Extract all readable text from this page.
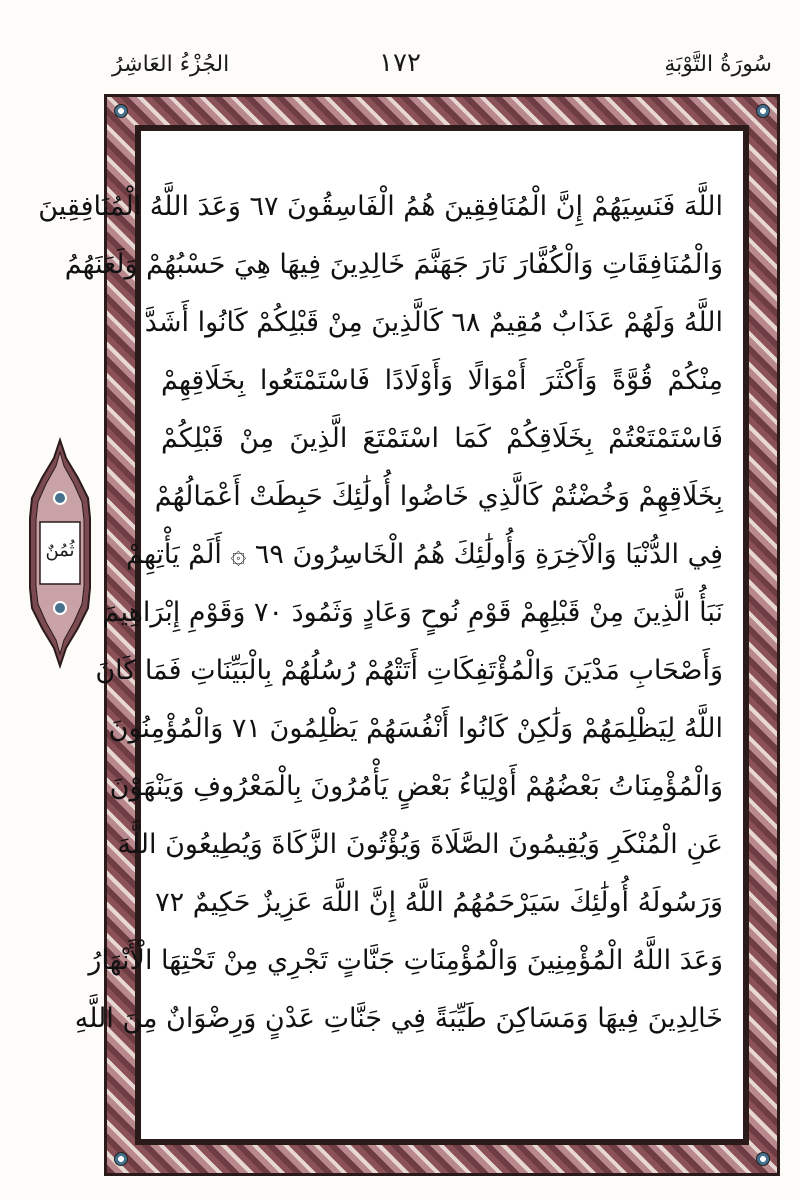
سُورَةُ التَّوْبَةِ
١٧٢
الجُزْءُ العَاشِرُ
ثُمُنٌ
اللَّهَ فَنَسِيَهُمْ إِنَّ الْمُنَافِقِينَ هُمُ الْفَاسِقُونَ ٦٧ وَعَدَ اللَّهُ الْمُنَافِقِينَ
وَالْمُنَافِقَاتِ وَالْكُفَّارَ نَارَ جَهَنَّمَ خَالِدِينَ فِيهَا هِيَ حَسْبُهُمْ وَلَعَنَهُمُ
اللَّهُ وَلَهُمْ عَذَابٌ مُقِيمٌ ٦٨ كَالَّذِينَ مِنْ قَبْلِكُمْ كَانُوا أَشَدَّ
مِنْكُمْ قُوَّةً وَأَكْثَرَ أَمْوَالًا وَأَوْلَادًا فَاسْتَمْتَعُوا بِخَلَاقِهِمْ
فَاسْتَمْتَعْتُمْ بِخَلَاقِكُمْ كَمَا اسْتَمْتَعَ الَّذِينَ مِنْ قَبْلِكُمْ
بِخَلَاقِهِمْ وَخُضْتُمْ كَالَّذِي خَاضُوا أُولَٰئِكَ حَبِطَتْ أَعْمَالُهُمْ
فِي الدُّنْيَا وَالْآخِرَةِ وَأُولَٰئِكَ هُمُ الْخَاسِرُونَ ٦٩ ۞ أَلَمْ يَأْتِهِمْ
نَبَأُ الَّذِينَ مِنْ قَبْلِهِمْ قَوْمِ نُوحٍ وَعَادٍ وَثَمُودَ ٧٠ وَقَوْمِ إِبْرَاهِيمَ
وَأَصْحَابِ مَدْيَنَ وَالْمُؤْتَفِكَاتِ أَتَتْهُمْ رُسُلُهُمْ بِالْبَيِّنَاتِ فَمَا كَانَ
اللَّهُ لِيَظْلِمَهُمْ وَلَٰكِنْ كَانُوا أَنْفُسَهُمْ يَظْلِمُونَ ٧١ وَالْمُؤْمِنُونَ
وَالْمُؤْمِنَاتُ بَعْضُهُمْ أَوْلِيَاءُ بَعْضٍ يَأْمُرُونَ بِالْمَعْرُوفِ وَيَنْهَوْنَ
عَنِ الْمُنْكَرِ وَيُقِيمُونَ الصَّلَاةَ وَيُؤْتُونَ الزَّكَاةَ وَيُطِيعُونَ اللَّهَ
وَرَسُولَهُ أُولَٰئِكَ سَيَرْحَمُهُمُ اللَّهُ إِنَّ اللَّهَ عَزِيزٌ حَكِيمٌ ٧٢
وَعَدَ اللَّهُ الْمُؤْمِنِينَ وَالْمُؤْمِنَاتِ جَنَّاتٍ تَجْرِي مِنْ تَحْتِهَا الْأَنْهَارُ
خَالِدِينَ فِيهَا وَمَسَاكِنَ طَيِّبَةً فِي جَنَّاتِ عَدْنٍ وَرِضْوَانٌ مِنَ اللَّهِ
